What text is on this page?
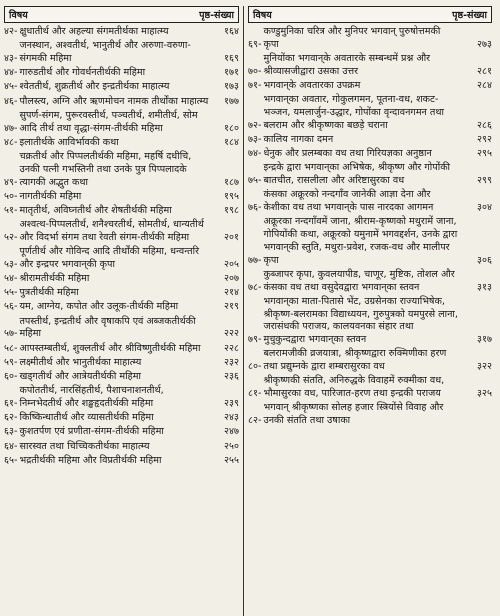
विषय	पृष्ठ-संख्या
४२- क्षुधातीर्थ और अहल्या संगमतीर्थका माहात्म्य	१६४
४३-
जनस्थान, अश्वतीर्थ, भानुतीर्थ और अरुणा-वरुणा-संगमकी महिमा	१६९
४४- गारुडतीर्थ और गोवर्धनतीर्थकी महिमा	१७१
४५- श्वेततीर्थ, शुक्रतीर्थ और इन्द्रतीर्थका माहात्म्य	१७३
४६- पौलस्त्य, अग्नि और ऋणमोचन नामक तीर्थोंका माहात्म्य	१७७
४७-
सुपर्ण-संगम, पुरूरवस्तीर्थ, पञ्चतीर्थ, शमीतीर्थ, सोम आदि तीर्थ तथा वृद्धा-संगम-तीर्थकी महिमा	१८०
४८- इलातीर्थके आविर्भावकी कथा	१८४
४९-
चक्रतीर्थ और पिप्पलतीर्थकी महिमा, महर्षि दधीचि, उनकी पत्नी गभस्तिनी तथा उनके पुत्र पिप्पलादके त्यागकी अद्भुत कथा	१८७
५०- नागतीर्थकी महिमा	१९५
५१- मातृतीर्थ, अविघ्नतीर्थ और शेषतीर्थकी महिमा	१९८
५२-
अश्वत्थ-पिप्पलतीर्थ, शनैश्चरतीर्थ, सोमतीर्थ, धान्यतीर्थ और विदर्भा संगम तथा रेवती संगम-तीर्थकी महिमा	२०१
५३-
पूर्णतीर्थ और गोविन्द आदि तीर्थोंकी महिमा, धन्वन्तरि और इन्द्रपर भगवान्‌की कृपा	२०५
५४- श्रीरामतीर्थकी महिमा	२०७
५५- पुत्रतीर्थकी महिमा	२१४
५६- यम, आग्नेय, कपोत और उलूक-तीर्थकी महिमा	२१९
५७-
तपस्तीर्थ, इन्द्रतीर्थ और वृषाकपि एवं अब्जकतीर्थकी महिमा	२२२
५८- आपस्तम्बतीर्थ, शुक्लतीर्थ और श्रीविष्णुतीर्थकी महिमा	२२८
५९- लक्ष्मीतीर्थ और भानुतीर्थका माहात्म्य	२३२
६०- खड्गतीर्थ और आत्रेयतीर्थकी महिमा	२३६
६१-
कपोततीर्थ, नारसिंहतीर्थ, पैशाचनाशनतीर्थ, निम्नभेदतीर्थ और शङ्खहृदतीर्थकी महिमा	२३९
६२- किष्किन्धातीर्थ और व्यासतीर्थकी महिमा	२४३
६३- कुशतर्पण एवं प्रणीता-संगम-तीर्थकी महिमा	२४७
६४- सारस्वत तथा चिच्चिकतीर्थका माहात्म्य	२५०
६५- भद्रतीर्थकी महिमा और विप्रतीर्थकी महिमा	२५५
विषय	पृष्ठ-संख्या
६९-
कण्डुमुनिका चरित्र और मुनिपर भगवान् पुरुषोत्तमकी कृपा	२७३
७०-
मुनियोंका भगवान्‌के अवतारके सम्बन्धमें प्रश्न और श्रीव्यासजीद्वारा उसका उत्तर	२८१
७१- भगवान्‌के अवतारका उपक्रम	२८४
७२-
भगवान्‌का अवतार, गोकुलगमन, पूतना-वध, शकट-भञ्जन, यमलार्जुन-उद्धार, गोपोंका वृन्दावनगमन तथा बलराम और श्रीकृष्णका बछड़े चराना	२८६
७३- कालिय नागका दमन	२९२
७४- धेनुक और प्रलम्बका वध तथा गिरियज्ञका अनुष्ठान	२९५
७५-
इन्द्रके द्वारा भगवान्‌का अभिषेक, श्रीकृष्ण और गोपोंकी बातचीत, रासलीला और अरिष्टासुरका वध	२९९
७६-
कंसका अक्रूरको नन्दगाँव जानेकी आज्ञा देना और केशीका वध तथा भगवान्‌के पास नारदका आगमन	३०४
७७-
अक्रूरका नन्दगाँवमें जाना, श्रीराम-कृष्णको मथुरामें जाना, गोपियोंकी कथा, अक्रूरको यमुनामें भगवद्दर्शन, उनके द्वारा भगवान्‌की स्तुति, मथुरा-प्रवेश, रजक-वध और मालीपर कृपा	३०६
७८-
कुब्जापर कृपा, कुवलयापीड, चाणूर, मुष्टिक, तोशल और कंसका वध तथा वसुदेवद्वारा भगवान्‌का स्तवन	३१३
७९-
भगवान्‌का माता-पितासे भेंट, उग्रसेनका राज्याभिषेक, श्रीकृष्ण-बलरामका विद्याध्ययन, गुरुपुत्रको यमपुरसे लाना, जरासंधकी पराजय, कालयवनका संहार तथा मुचुकुन्दद्वारा भगवान्‌का स्तवन	३१७
८०-
बलरामजीकी व्रजयात्रा, श्रीकृष्णद्वारा रुक्मिणीका हरण तथा प्रद्युम्नके द्वारा शम्बरासुरका वध	३२२
८१-
श्रीकृष्णकी संतति, अनिरुद्धके विवाहमें रुक्मीका वध, भौमासुरका वध, पारिजात-हरण तथा इन्द्रकी पराजय	३२५
८२-
भगवान् श्रीकृष्णका सोलह हजार स्त्रियोंसे विवाह और उनकी संतति तथा उषाका
